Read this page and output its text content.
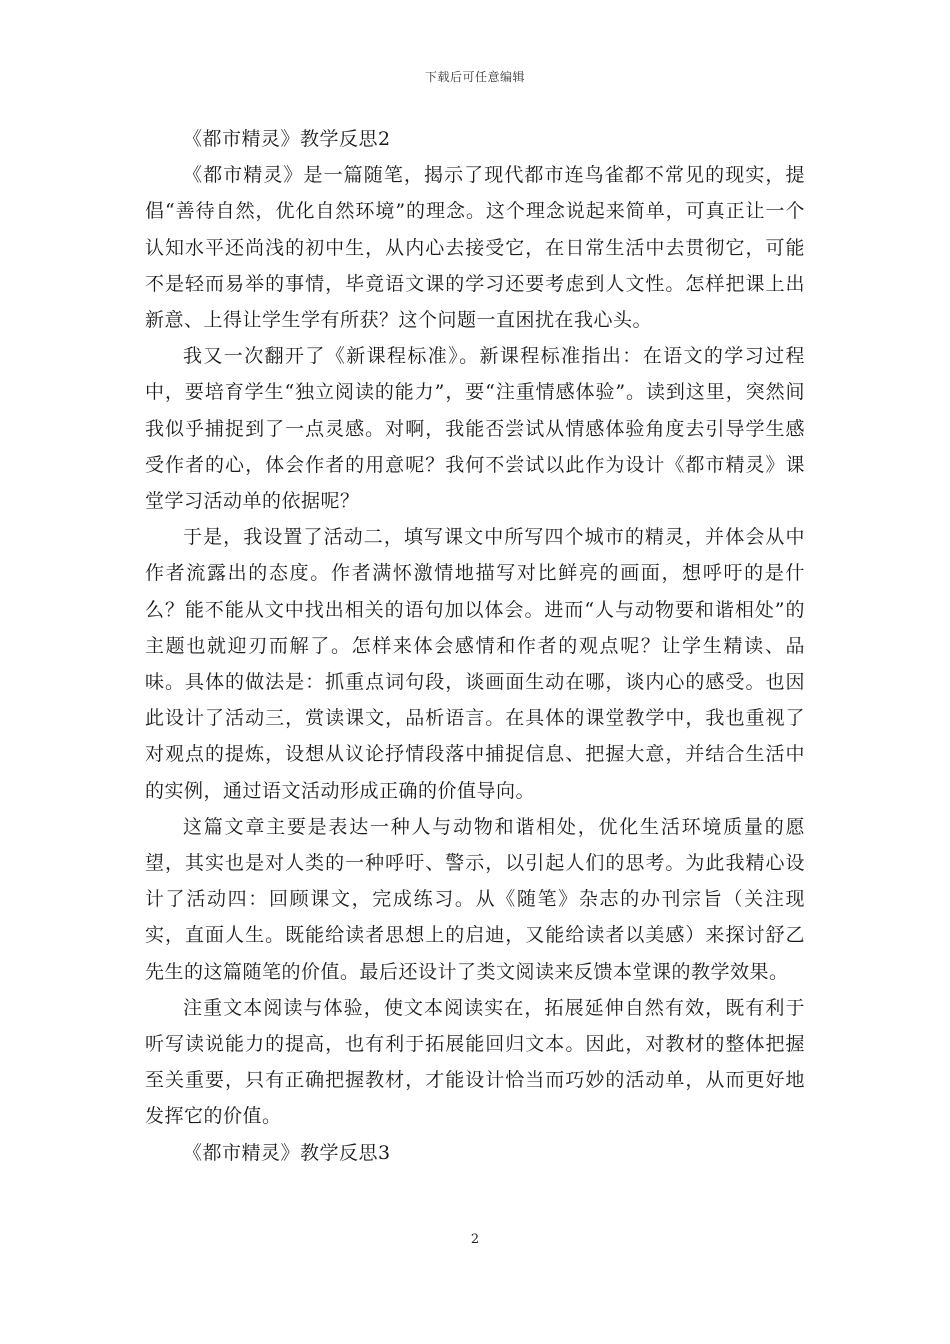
下载后可任意编辑

《都市精灵》教学反思2

《都市精灵》是一篇随笔，揭示了现代都市连鸟雀都不常见的现实，提倡“善待自然，优化自然环境”的理念。这个理念说起来简单，可真正让一个认知水平还尚浅的初中生，从内心去接受它，在日常生活中去贯彻它，可能不是轻而易举的事情，毕竟语文课的学习还要考虑到人文性。怎样把课上出新意、上得让学生学有所获？这个问题一直困扰在我心头。

我又一次翻开了《新课程标准》。新课程标准指出：在语文的学习过程中，要培育学生“独立阅读的能力”，要“注重情感体验”。读到这里，突然间我似乎捕捉到了一点灵感。对啊，我能否尝试从情感体验角度去引导学生感受作者的心，体会作者的用意呢？我何不尝试以此作为设计《都市精灵》课堂学习活动单的依据呢？

于是，我设置了活动二，填写课文中所写四个城市的精灵，并体会从中作者流露出的态度。作者满怀激情地描写对比鲜亮的画面，想呼吁的是什么？能不能从文中找出相关的语句加以体会。进而“人与动物要和谐相处”的主题也就迎刃而解了。怎样来体会感情和作者的观点呢？让学生精读、品味。具体的做法是：抓重点词句段，谈画面生动在哪，谈内心的感受。也因此设计了活动三，赏读课文，品析语言。在具体的课堂教学中，我也重视了对观点的提炼，设想从议论抒情段落中捕捉信息、把握大意，并结合生活中的实例，通过语文活动形成正确的价值导向。

这篇文章主要是表达一种人与动物和谐相处，优化生活环境质量的愿望，其实也是对人类的一种呼吁、警示，以引起人们的思考。为此我精心设计了活动四：回顾课文，完成练习。从《随笔》杂志的办刊宗旨（关注现实，直面人生。既能给读者思想上的启迪，又能给读者以美感）来探讨舒乙先生的这篇随笔的价值。最后还设计了类文阅读来反馈本堂课的教学效果。

注重文本阅读与体验，使文本阅读实在，拓展延伸自然有效，既有利于听写读说能力的提高，也有利于拓展能回归文本。因此，对教材的整体把握至关重要，只有正确把握教材，才能设计恰当而巧妙的活动单，从而更好地发挥它的价值。

《都市精灵》教学反思3

2
